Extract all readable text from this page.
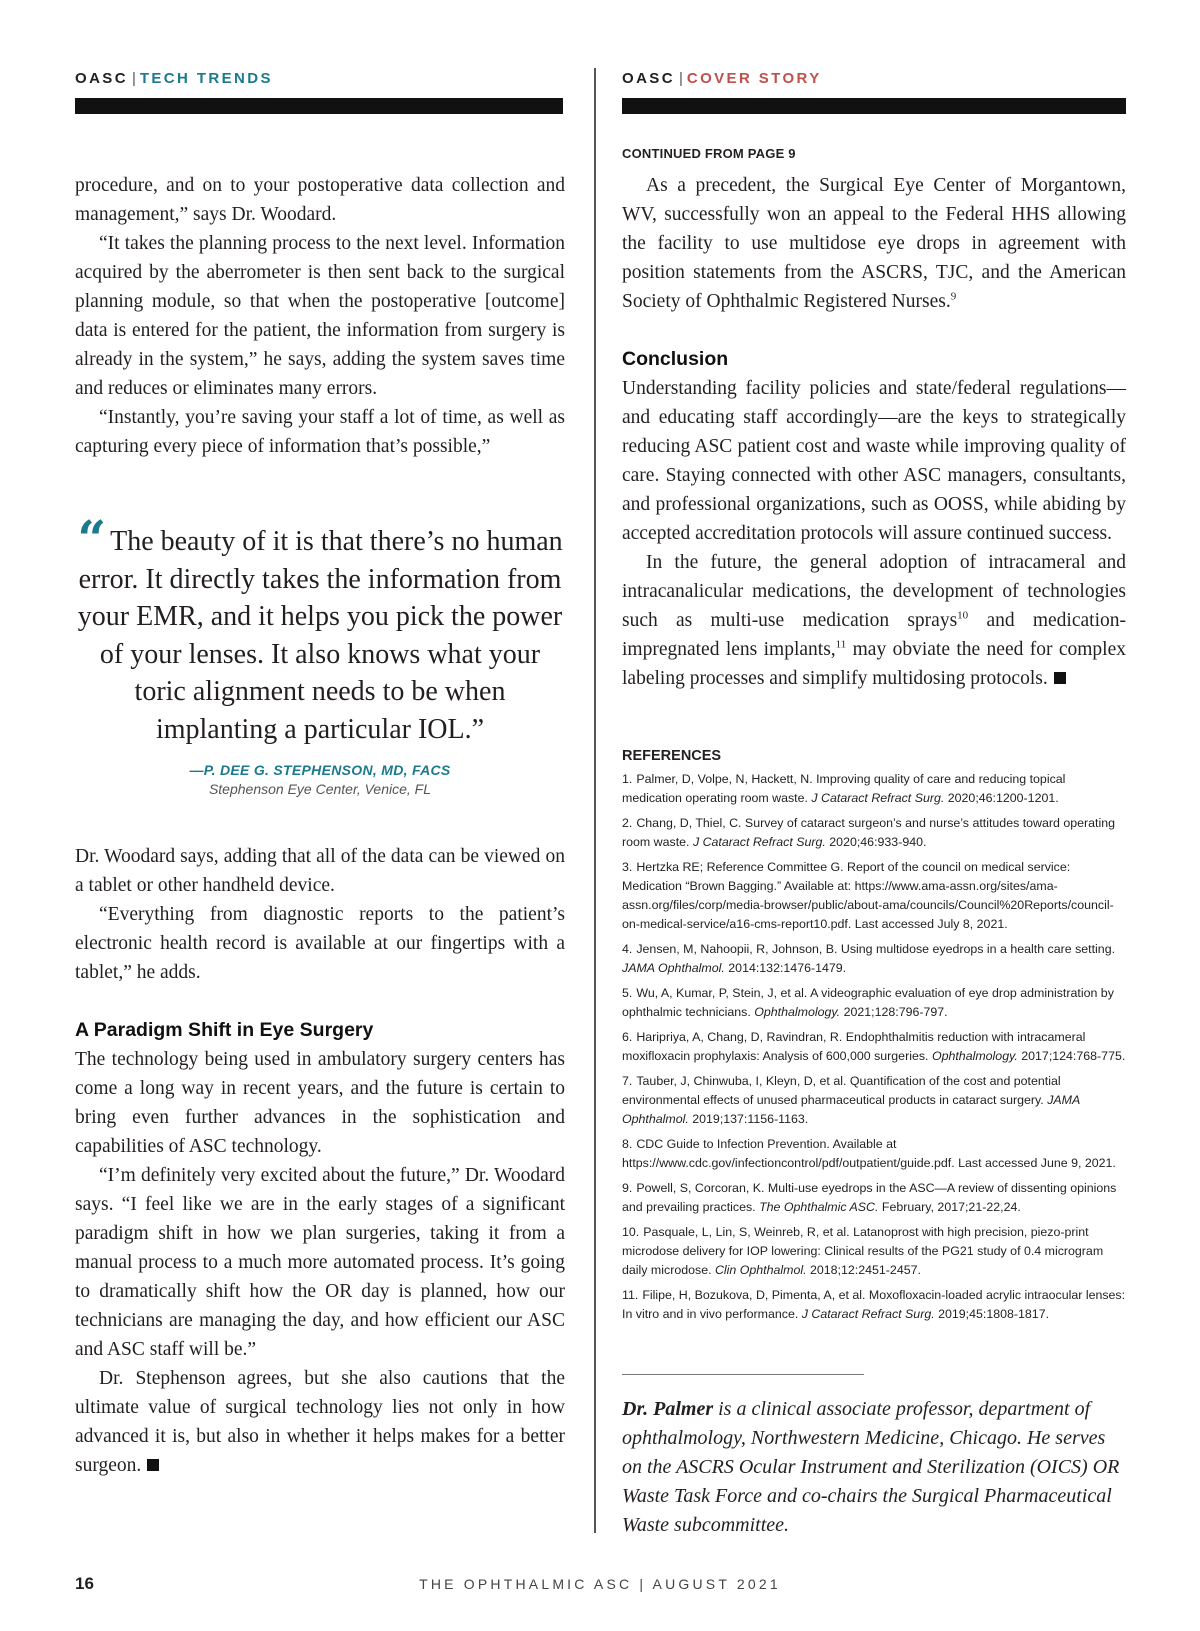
OASC | TECH TRENDS

procedure, and on to your postoperative data collection and management,” says Dr. Woodard.

“It takes the planning process to the next level. Information acquired by the aberrometer is then sent back to the surgical planning module, so that when the postoperative [outcome] data is entered for the patient, the information from surgery is already in the system,” he says, adding the system saves time and reduces or eliminates many errors.

“Instantly, you’re saving your staff a lot of time, as well as capturing every piece of information that’s possible,”

“ The beauty of it is that there’s no human error. It directly takes the information from your EMR, and it helps you pick the power of your lenses. It also knows what your toric alignment needs to be when implanting a particular IOL.”

—P. DEE G. STEPHENSON, MD, FACS
Stephenson Eye Center, Venice, FL

Dr. Woodard says, adding that all of the data can be viewed on a tablet or other handheld device.

“Everything from diagnostic reports to the patient’s electronic health record is available at our fingertips with a tablet,” he adds.

A Paradigm Shift in Eye Surgery

The technology being used in ambulatory surgery centers has come a long way in recent years, and the future is certain to bring even further advances in the sophistication and capabilities of ASC technology.

“I’m definitely very excited about the future,” Dr. Woodard says. “I feel like we are in the early stages of a significant paradigm shift in how we plan surgeries, taking it from a manual process to a much more automated process. It’s going to dramatically shift how the OR day is planned, how our technicians are managing the day, and how efficient our ASC and ASC staff will be.”

Dr. Stephenson agrees, but she also cautions that the ultimate value of surgical technology lies not only in how advanced it is, but also in whether it helps makes for a better surgeon.

OASC | COVER STORY
CONTINUED FROM PAGE 9

As a precedent, the Surgical Eye Center of Morgantown, WV, successfully won an appeal to the Federal HHS allowing the facility to use multidose eye drops in agreement with position statements from the ASCRS, TJC, and the American Society of Ophthalmic Registered Nurses.$^9$

Conclusion

Understanding facility policies and state/federal regulations—and educating staff accordingly—are the keys to strategically reducing ASC patient cost and waste while improving quality of care. Staying connected with other ASC managers, consultants, and professional organizations, such as OOSS, while abiding by accepted accreditation protocols will assure continued success.

In the future, the general adoption of intracameral and intracanalicular medications, the development of technologies such as multi-use medication sprays$^{10}$ and medication-impregnated lens implants,$^{11}$ may obviate the need for complex labeling processes and simplify multidosing protocols.

REFERENCES

1. Palmer, D, Volpe, N, Hackett, N. Improving quality of care and reducing topical medication operating room waste. J Cataract Refract Surg. 2020;46:1200-1201.

2. Chang, D, Thiel, C. Survey of cataract surgeon’s and nurse’s attitudes toward operating room waste. J Cataract Refract Surg. 2020;46:933-940.

3. Hertzka RE; Reference Committee G. Report of the council on medical service: Medication “Brown Bagging.” Available at: https://www.ama-assn.org/sites/ama-assn.org/files/corp/media-browser/public/about-ama/councils/Council%20Reports/council-on-medical-service/a16-cms-report10.pdf. Last accessed July 8, 2021.

4. Jensen, M, Nahoopii, R, Johnson, B. Using multidose eyedrops in a health care setting. JAMA Ophthalmol. 2014:132:1476-1479.

5. Wu, A, Kumar, P, Stein, J, et al. A videographic evaluation of eye drop administration by ophthalmic technicians. Ophthalmology. 2021;128:796-797.

6. Haripriya, A, Chang, D, Ravindran, R. Endophthalmitis reduction with intracameral moxifloxacin prophylaxis: Analysis of 600,000 surgeries. Ophthalmology. 2017;124:768-775.

7. Tauber, J, Chinwuba, I, Kleyn, D, et al. Quantification of the cost and potential environmental effects of unused pharmaceutical products in cataract surgery. JAMA Ophthalmol. 2019;137:1156-1163.

8. CDC Guide to Infection Prevention. Available at https://www.cdc.gov/infectioncontrol/pdf/outpatient/guide.pdf. Last accessed June 9, 2021.

9. Powell, S, Corcoran, K. Multi-use eyedrops in the ASC—A review of dissenting opinions and prevailing practices. The Ophthalmic ASC. February, 2017;21-22,24.

10. Pasquale, L, Lin, S, Weinreb, R, et al. Latanoprost with high precision, piezo-print microdose delivery for IOP lowering: Clinical results of the PG21 study of 0.4 microgram daily microdose. Clin Ophthalmol. 2018;12:2451-2457.

11. Filipe, H, Bozukova, D, Pimenta, A, et al. Moxofloxacin-loaded acrylic intraocular lenses: In vitro and in vivo performance. J Cataract Refract Surg. 2019;45:1808-1817.

Dr. Palmer is a clinical associate professor, department of ophthalmology, Northwestern Medicine, Chicago. He serves on the ASCRS Ocular Instrument and Sterilization (OICS) OR Waste Task Force and co-chairs the Surgical Pharmaceutical Waste subcommittee.

16	THE OPHTHALMIC ASC | AUGUST 2021
